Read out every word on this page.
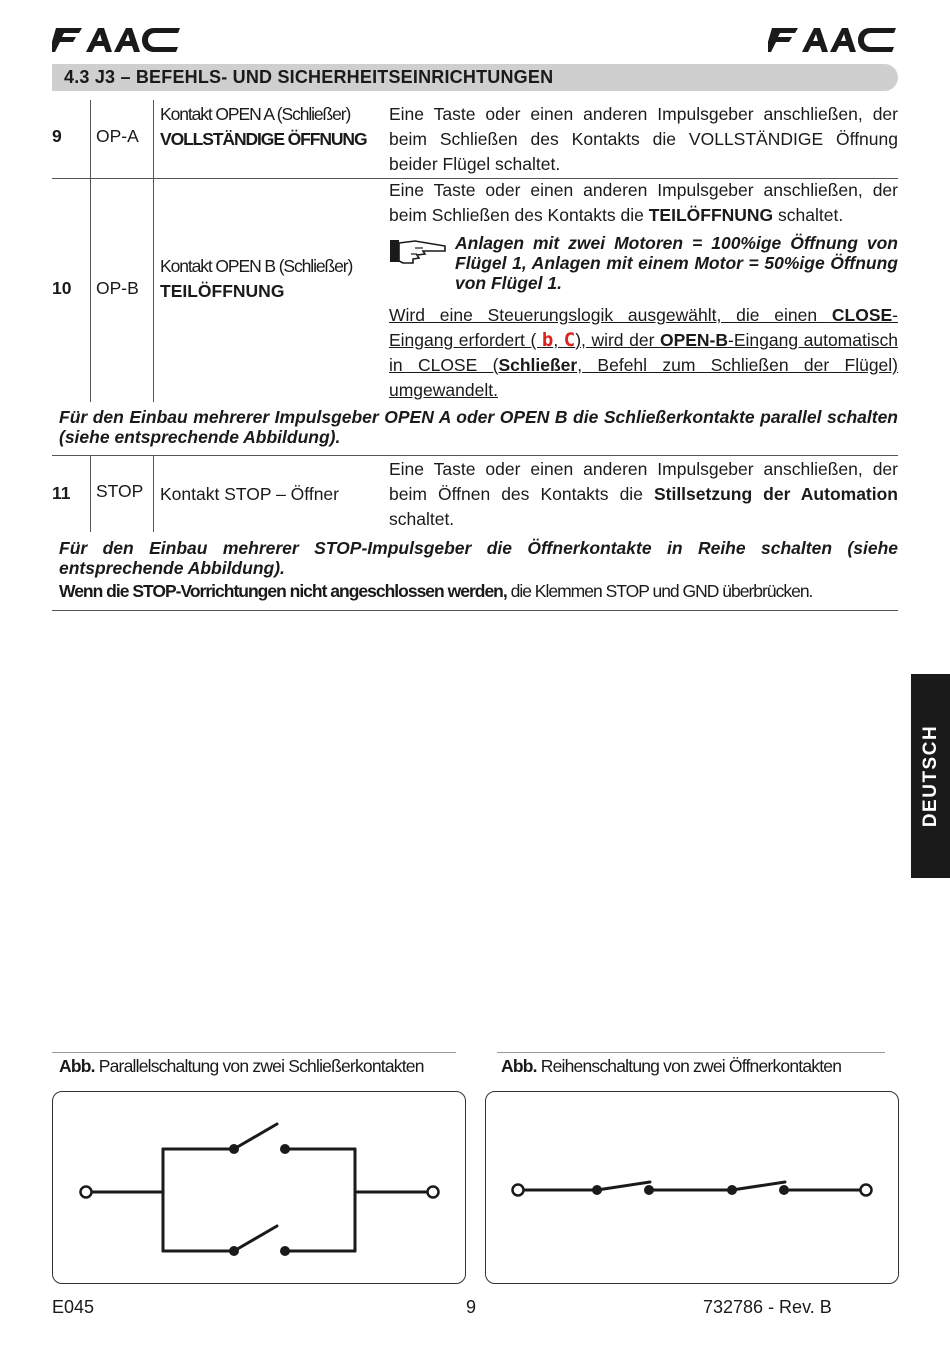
4.3 J3 – BEFEHLS- UND SICHERHEITSEINRICHTUNGEN
9 OP-A
Kontakt OPEN A (Schließer)
VOLLSTÄNDIGE ÖFFNUNG

Eine Taste oder einen anderen Impulsgeber anschließen, der beim Schließen des Kontakts die VOLLSTÄNDIGE Öffnung beider Flügel schaltet.

10 OP-B
Kontakt OPEN B (Schließer)
TEILÖFFNUNG

Eine Taste oder einen anderen Impulsgeber anschließen, der beim Schließen des Kontakts die TEILÖFFNUNG schaltet.

Anlagen mit zwei Motoren = 100%ige Öffnung von Flügel 1, Anlagen mit einem Motor = 50%ige Öffnung von Flügel 1.

Wird eine Steuerungslogik ausgewählt, die einen CLOSE-Eingang erfordert ( b, C), wird der OPEN-B-Eingang automatisch in CLOSE (Schließer, Befehl zum Schließen der Flügel) umgewandelt.

Für den Einbau mehrerer Impulsgeber OPEN A oder OPEN B die Schließerkontakte parallel schalten (siehe entsprechende Abbildung).
11 STOP Kontakt STOP – Öffner

Eine Taste oder einen anderen Impulsgeber anschließen, der beim Öffnen des Kontakts die Stillsetzung der Automation schaltet.

Für den Einbau mehrerer STOP-Impulsgeber die Öffnerkontakte in Reihe schalten (siehe entsprechende Abbildung).
Wenn die STOP-Vorrichtungen nicht angeschlossen werden, die Klemmen STOP und GND überbrücken.
DEUTSCH
Abb. Parallelschaltung von zwei Schließerkontakten	Abb. Reihenschaltung von zwei Öffnerkontakten
E045	9	732786 - Rev. B
